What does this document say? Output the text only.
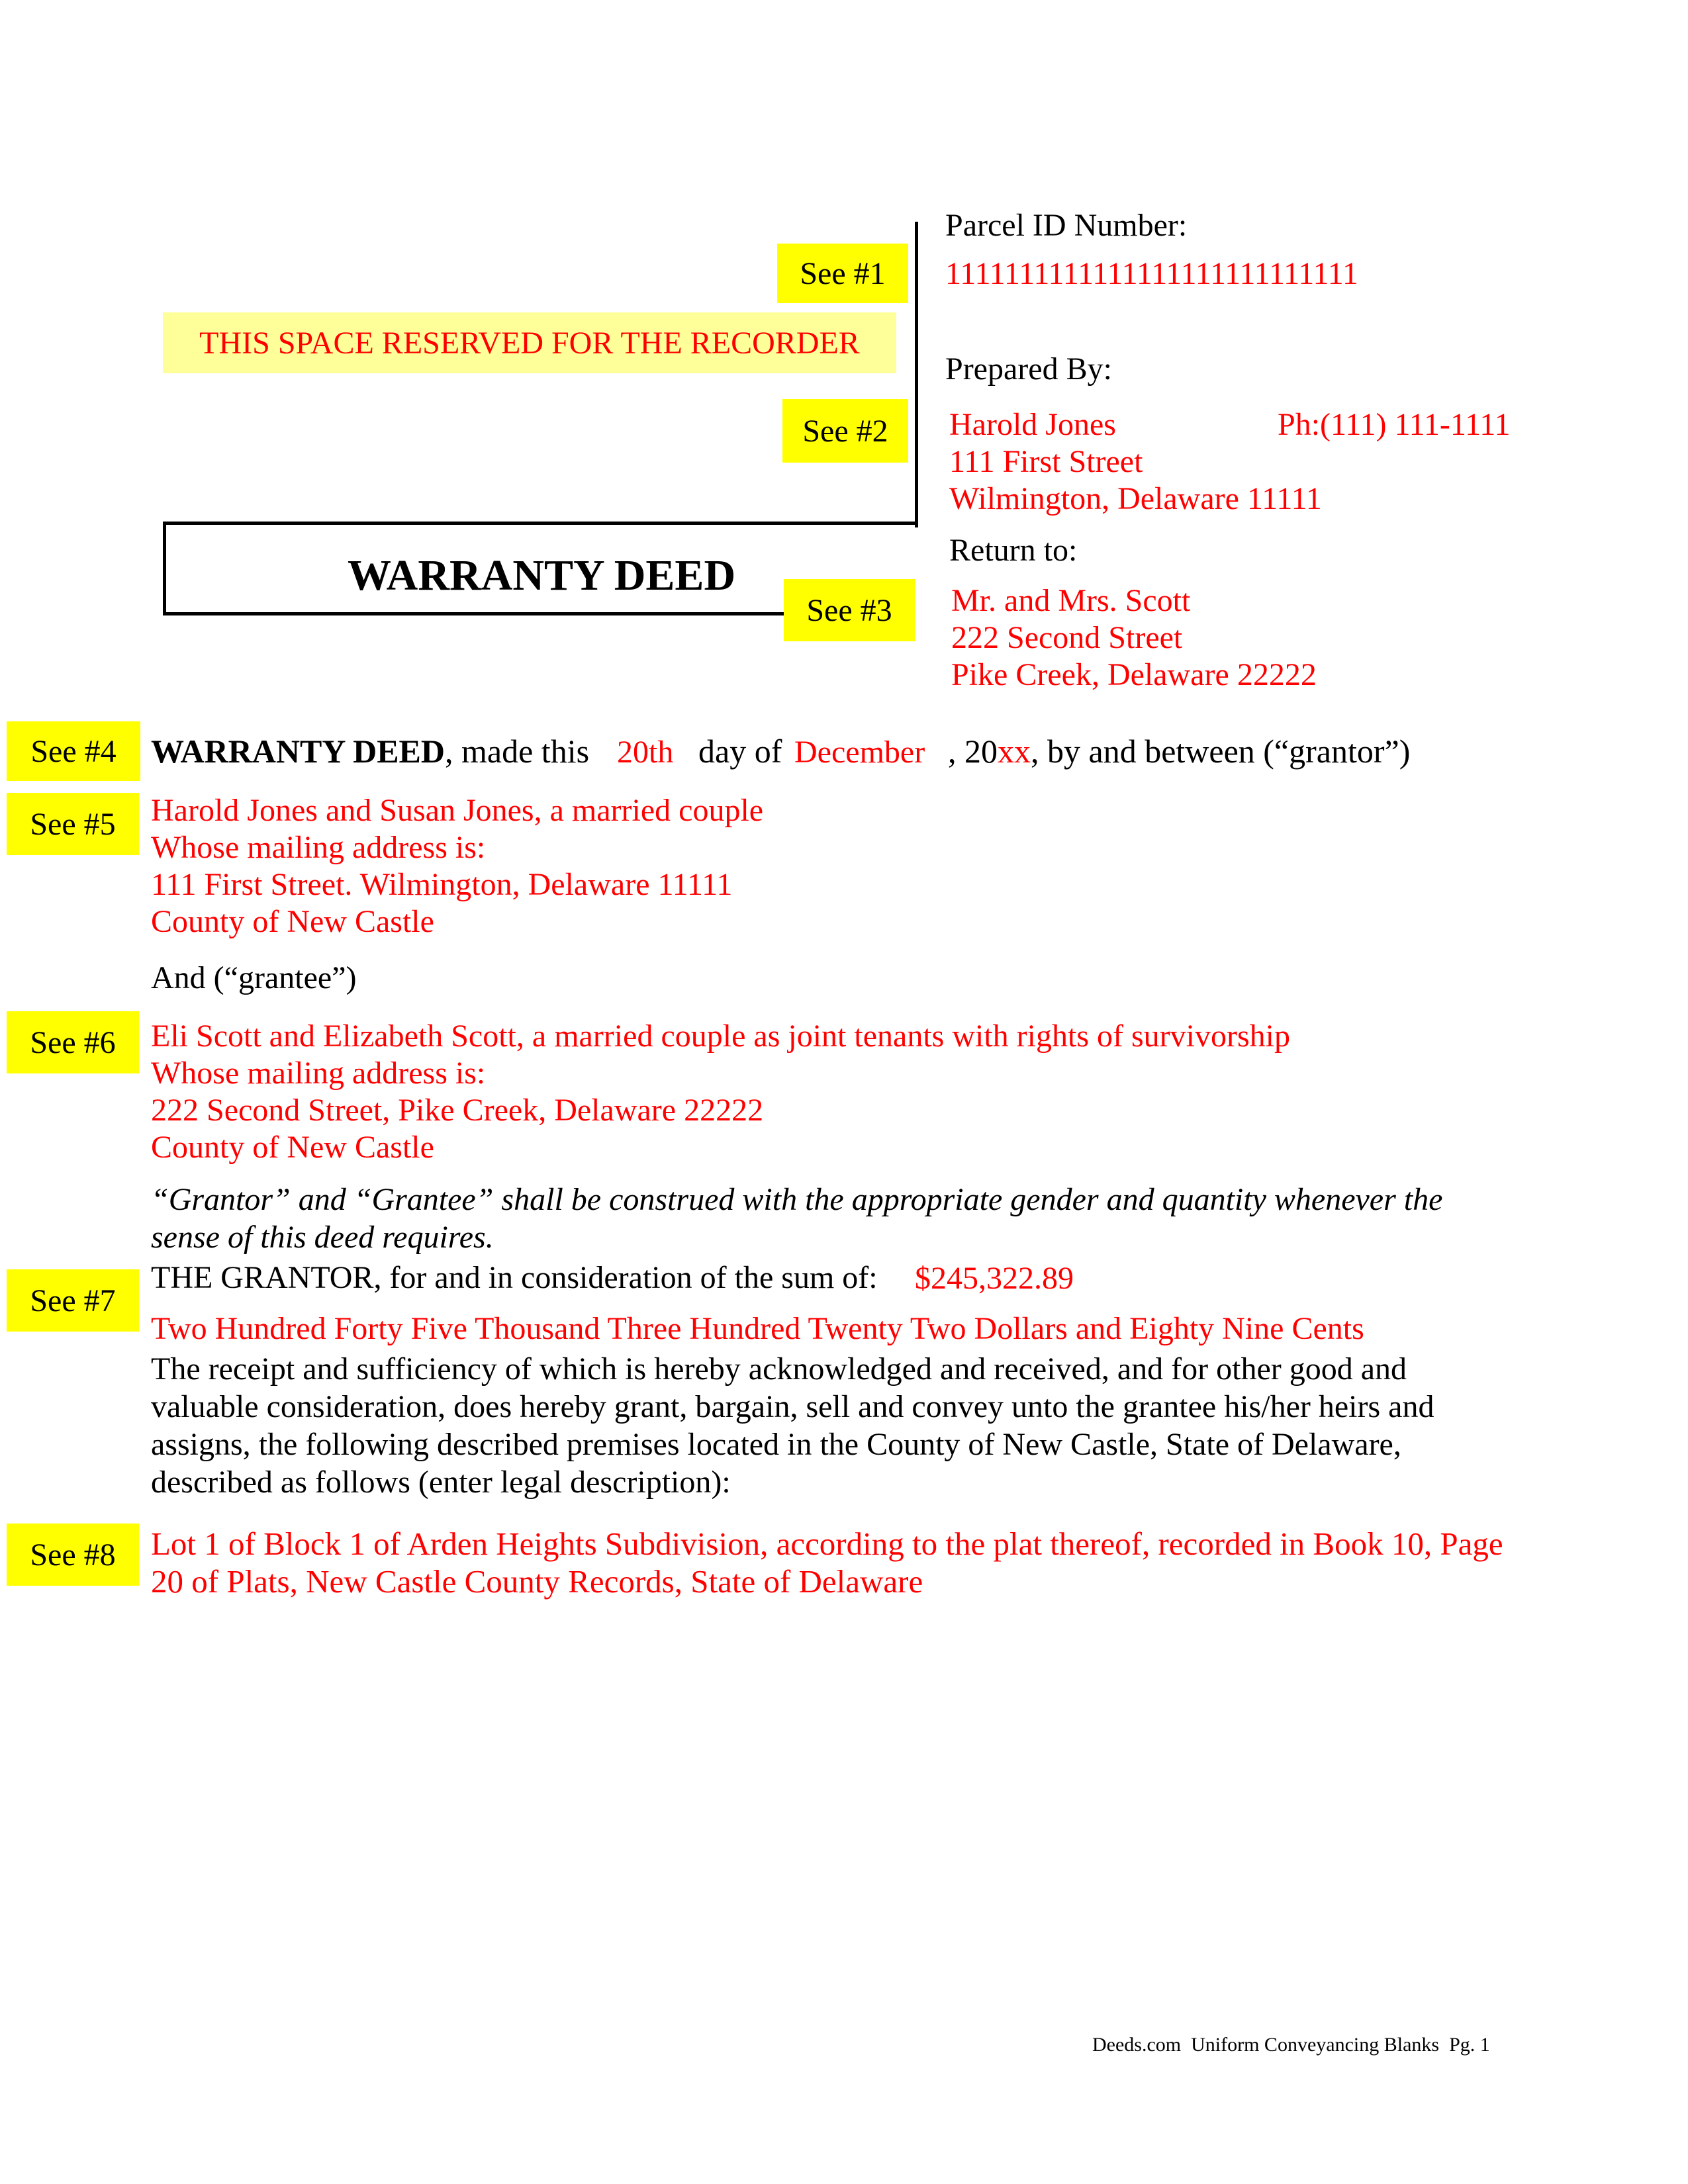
THIS SPACE RESERVED FOR THE RECORDER
WARRANTY DEED
See #1
See #2
See #3
See #4
See #5
See #6
See #7
See #8
Parcel ID Number:
1111111111111111111111111111
Prepared By:
Harold Jones	Ph:(111) 111-1111
111 First Street
Wilmington, Delaware 11111
Return to:
Mr. and Mrs. Scott
222 Second Street
Pike Creek, Delaware 22222
WARRANTY DEED, made this 20th day of December , 20xx, by and between (“grantor”)
Harold Jones and Susan Jones, a married couple
Whose mailing address is:
111 First Street. Wilmington, Delaware 11111
County of New Castle
And (“grantee”)
Eli Scott and Elizabeth Scott, a married couple as joint tenants with rights of survivorship
Whose mailing address is:
222 Second Street, Pike Creek, Delaware 22222
County of New Castle
“Grantor” and “Grantee” shall be construed with the appropriate gender and quantity whenever the
sense of this deed requires.
THE GRANTOR, for and in consideration of the sum of: $245,322.89
Two Hundred Forty Five Thousand Three Hundred Twenty Two Dollars and Eighty Nine Cents
The receipt and sufficiency of which is hereby acknowledged and received, and for other good and
valuable consideration, does hereby grant, bargain, sell and convey unto the grantee his/her heirs and
assigns, the following described premises located in the County of New Castle, State of Delaware,
described as follows (enter legal description):
Lot 1 of Block 1 of Arden Heights Subdivision, according to the plat thereof, recorded in Book 10, Page
20 of Plats, New Castle County Records, State of Delaware
Deeds.com  Uniform Conveyancing Blanks  Pg. 1
